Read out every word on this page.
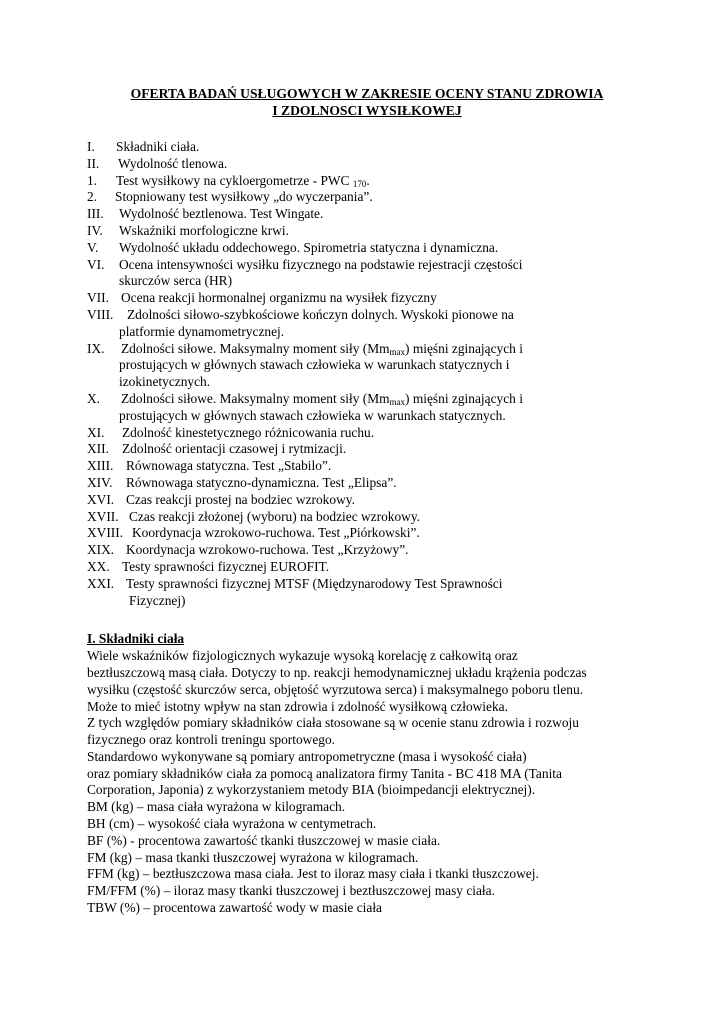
OFERTA BADAŃ USŁUGOWYCH W ZAKRESIE OCENY STANU ZDROWIA
I ZDOLNOSCI WYSIŁKOWEJ

I. Składniki ciała.
II. Wydolność tlenowa.
1. Test wysiłkowy na cykloergometrze - PWC $_{170}$.
2. Stopniowany test wysiłkowy „do wyczerpania”.
III. Wydolność beztlenowa. Test Wingate.
IV. Wskaźniki morfologiczne krwi.
V. Wydolność układu oddechowego. Spirometria statyczna i dynamiczna.
VI. Ocena intensywności wysiłku fizycznego na podstawie rejestracji częstości
skurczów serca (HR)
VII. Ocena reakcji hormonalnej organizmu na wysiłek fizyczny
VIII. Zdolności siłowo-szybkościowe kończyn dolnych. Wyskoki pionowe na
platformie dynamometrycznej.
IX. Zdolności siłowe. Maksymalny moment siły $(Mm_{max})$ mięśni zginających i
prostujących w głównych stawach człowieka w warunkach statycznych i
izokinetycznych.
X. Zdolności siłowe. Maksymalny moment siły $(Mm_{max})$ mięśni zginających i
prostujących w głównych stawach człowieka w warunkach statycznych.
XI. Zdolność kinestetycznego różnicowania ruchu.
XII. Zdolność orientacji czasowej i rytmizacji.
XIII. Równowaga statyczna. Test „Stabilo”.
XIV. Równowaga statyczno-dynamiczna. Test „Elipsa”.
XVI. Czas reakcji prostej na bodziec wzrokowy.
XVII. Czas reakcji złożonej (wyboru) na bodziec wzrokowy.
XVIII. Koordynacja wzrokowo-ruchowa. Test „Piórkowski”.
XIX. Koordynacja wzrokowo-ruchowa. Test „Krzyżowy”.
XX. Testy sprawności fizycznej EUROFIT.
XXI. Testy sprawności fizycznej MTSF (Międzynarodowy Test Sprawności
Fizycznej)

I. Składniki ciała

Wiele wskaźników fizjologicznych wykazuje wysoką korelację z całkowitą oraz

beztłuszczową masą ciała. Dotyczy to np. reakcji hemodynamicznej układu krążenia podczas

wysiłku (częstość skurczów serca, objętość wyrzutowa serca) i maksymalnego poboru tlenu.

Może to mieć istotny wpływ na stan zdrowia i zdolność wysiłkową człowieka.

Z tych względów pomiary składników ciała stosowane są w ocenie stanu zdrowia i rozwoju

fizycznego oraz kontroli treningu sportowego.

Standardowo wykonywane są pomiary antropometryczne (masa i wysokość ciała)

oraz pomiary składników ciała za pomocą analizatora firmy Tanita - BC 418 MA (Tanita

Corporation, Japonia) z wykorzystaniem metody BIA (bioimpedancji elektrycznej).

BM (kg) – masa ciała wyrażona w kilogramach.

BH (cm) – wysokość ciała wyrażona w centymetrach.

BF (%) - procentowa zawartość tkanki tłuszczowej w masie ciała.

FM (kg) – masa tkanki tłuszczowej wyrażona w kilogramach.

FFM (kg) – beztłuszczowa masa ciała. Jest to iloraz masy ciała i tkanki tłuszczowej.

FM/FFM (%) – iloraz masy tkanki tłuszczowej i beztłuszczowej masy ciała.

TBW (%) – procentowa zawartość wody w masie ciała
